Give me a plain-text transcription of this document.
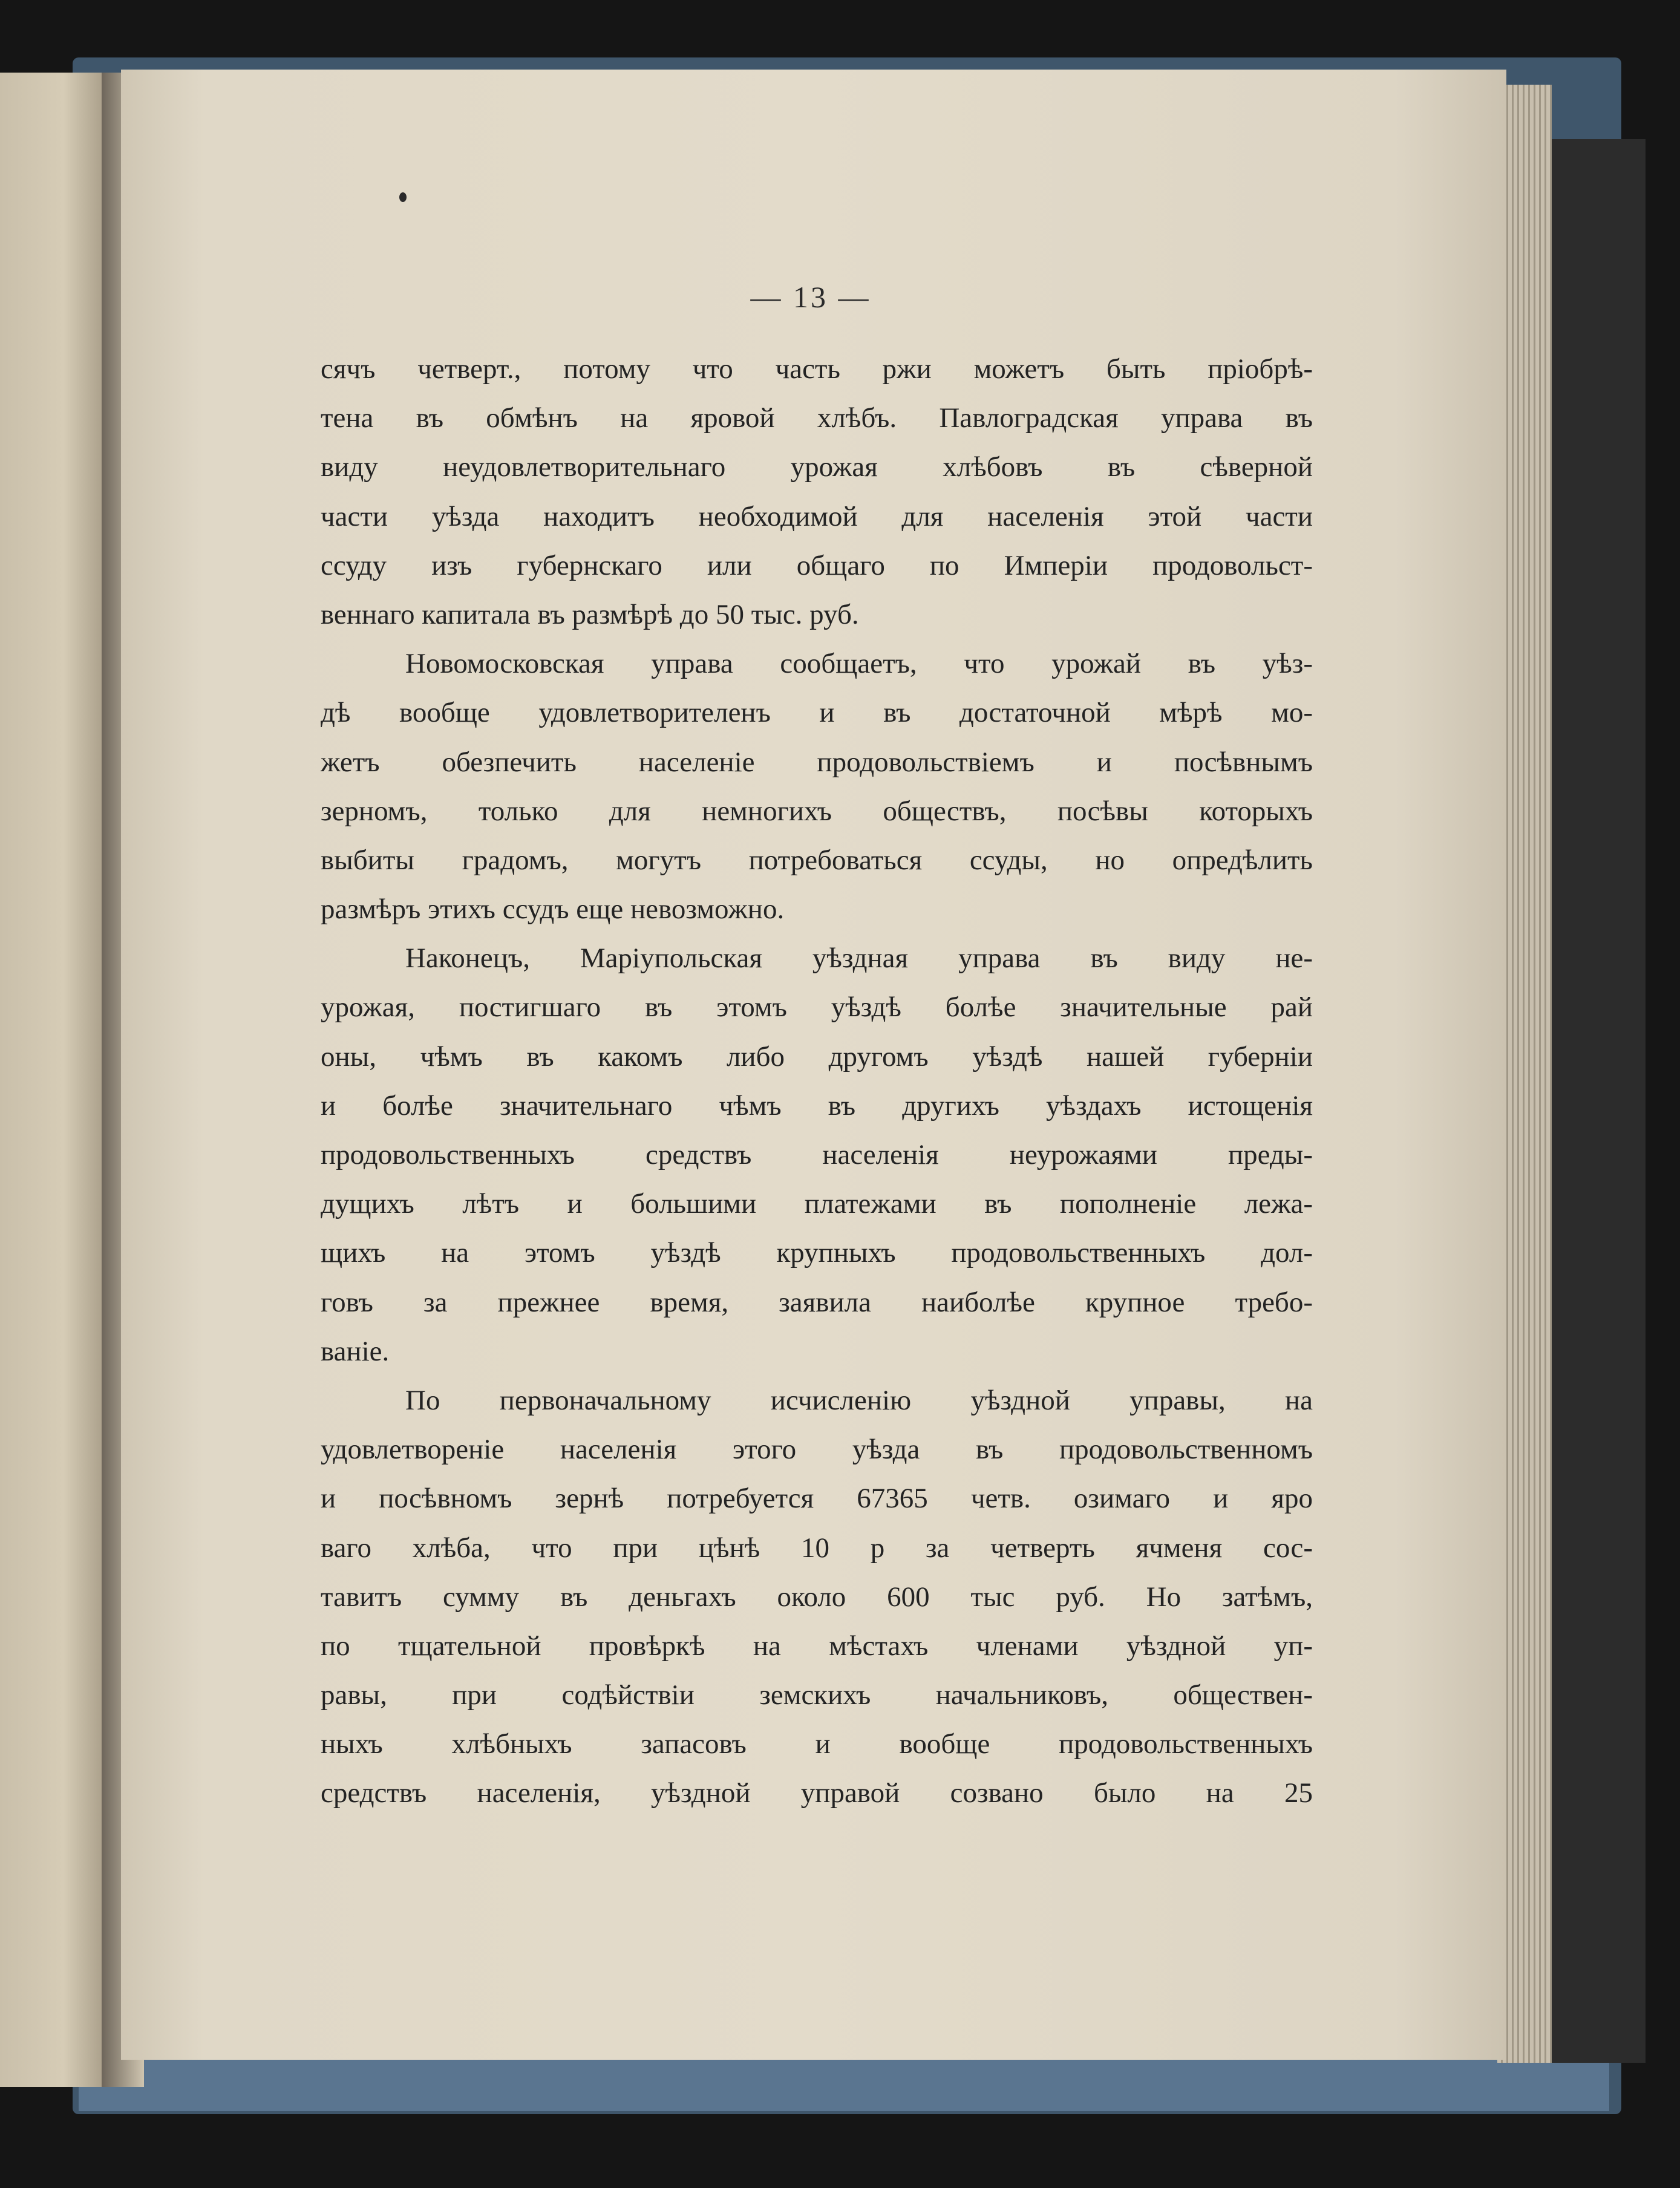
— 13 —
сячъ четверт., потому что часть ржи можетъ быть пріобрѣ-
тена въ обмѣнъ на яровой хлѣбъ. Павлоградская управа въ
виду неудовлетворительнаго урожая хлѣбовъ въ сѣверной
части уѣзда находитъ необходимой для населенія этой части
ссуду изъ губернскаго или общаго по Имперіи продовольст-
веннаго капитала въ размѣрѣ до 50 тыс. руб.
Новомосковская управа сообщаетъ, что урожай въ уѣз-
дѣ вообще удовлетворителенъ и въ достаточной мѣрѣ мо-
жетъ обезпечить населеніе продовольствіемъ и посѣвнымъ
зерномъ, только для немногихъ обществъ, посѣвы которыхъ
выбиты градомъ, могутъ потребоваться ссуды, но опредѣлить
размѣръ этихъ ссудъ еще невозможно.
Наконецъ, Маріупольская уѣздная управа въ виду не-
урожая, постигшаго въ этомъ уѣздѣ болѣе значительные рай
оны, чѣмъ въ какомъ либо другомъ уѣздѣ нашей губерніи
и болѣе значительнаго чѣмъ въ другихъ уѣздахъ истощенія
продовольственныхъ средствъ населенія неурожаями преды-
дущихъ лѣтъ и большими платежами въ пополненіе лежа-
щихъ на этомъ уѣздѣ крупныхъ продовольственныхъ дол-
говъ за прежнее время, заявила наиболѣе крупное требо-
ваніе.
По первоначальному исчисленію уѣздной управы, на
удовлетвореніе населенія этого уѣзда въ продовольственномъ
и посѣвномъ зернѣ потребуется 67365 четв. озимаго и яро
ваго хлѣба, что при цѣнѣ 10 р за четверть ячменя сос-
тавитъ сумму въ деньгахъ около 600 тыс руб. Но затѣмъ,
по тщательной провѣркѣ на мѣстахъ членами уѣздной уп-
равы, при содѣйствіи земскихъ начальниковъ, обществен-
ныхъ хлѣбныхъ запасовъ и вообще продовольственныхъ
средствъ населенія, уѣздной управой созвано было на 25
